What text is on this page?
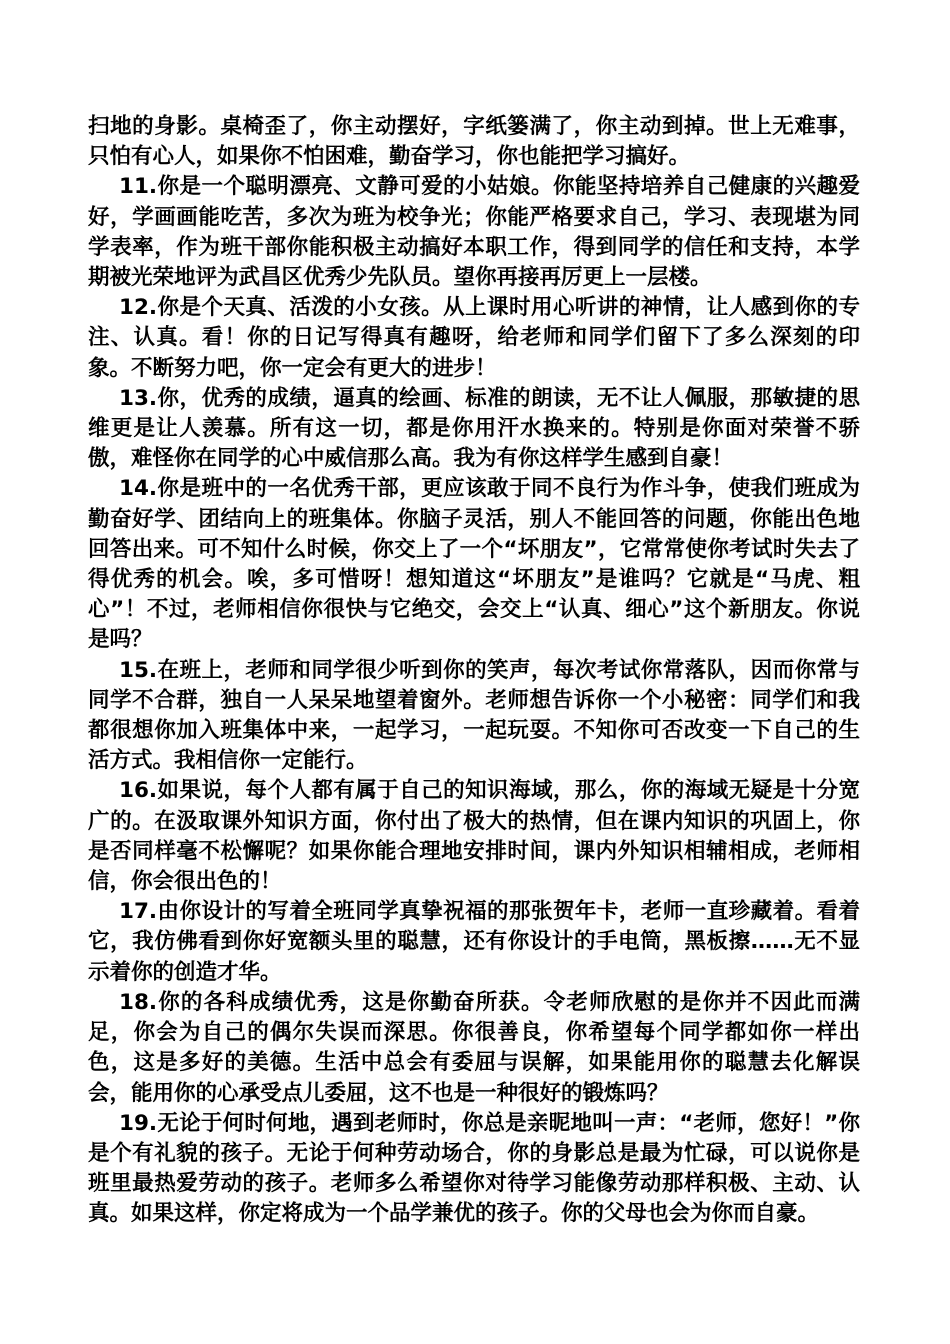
扫地的身影。桌椅歪了，你主动摆好，字纸篓满了，你主动到掉。世上无难事，只怕有心人，如果你不怕困难，勤奋学习，你也能把学习搞好。

11.你是一个聪明漂亮、文静可爱的小姑娘。你能坚持培养自己健康的兴趣爱好，学画画能吃苦，多次为班为校争光；你能严格要求自己，学习、表现堪为同学表率，作为班干部你能积极主动搞好本职工作，得到同学的信任和支持，本学期被光荣地评为武昌区优秀少先队员。望你再接再厉更上一层楼。

12.你是个天真、活泼的小女孩。从上课时用心听讲的神情，让人感到你的专注、认真。看！你的日记写得真有趣呀，给老师和同学们留下了多么深刻的印象。不断努力吧，你一定会有更大的进步！

13.你，优秀的成绩，逼真的绘画、标准的朗读，无不让人佩服，那敏捷的思维更是让人羡慕。所有这一切，都是你用汗水换来的。特别是你面对荣誉不骄傲，难怪你在同学的心中威信那么高。我为有你这样学生感到自豪！

14.你是班中的一名优秀干部，更应该敢于同不良行为作斗争，使我们班成为勤奋好学、团结向上的班集体。你脑子灵活，别人不能回答的问题，你能出色地回答出来。可不知什么时候，你交上了一个“坏朋友”，它常常使你考试时失去了得优秀的机会。唉，多可惜呀！想知道这“坏朋友”是谁吗？它就是“马虎、粗心”！不过，老师相信你很快与它绝交，会交上“认真、细心”这个新朋友。你说是吗？

15.在班上，老师和同学很少听到你的笑声，每次考试你常落队，因而你常与同学不合群，独自一人呆呆地望着窗外。老师想告诉你一个小秘密：同学们和我都很想你加入班集体中来，一起学习，一起玩耍。不知你可否改变一下自己的生活方式。我相信你一定能行。

16.如果说，每个人都有属于自己的知识海域，那么，你的海域无疑是十分宽广的。在汲取课外知识方面，你付出了极大的热情，但在课内知识的巩固上，你是否同样毫不松懈呢？如果你能合理地安排时间，课内外知识相辅相成，老师相信，你会很出色的！

17.由你设计的写着全班同学真挚祝福的那张贺年卡，老师一直珍藏着。看着它，我仿佛看到你好宽额头里的聪慧，还有你设计的手电筒，黑板擦……无不显示着你的创造才华。

18.你的各科成绩优秀，这是你勤奋所获。令老师欣慰的是你并不因此而满足，你会为自己的偶尔失误而深思。你很善良，你希望每个同学都如你一样出色，这是多好的美德。生活中总会有委屈与误解，如果能用你的聪慧去化解误会，能用你的心承受点儿委屈，这不也是一种很好的锻炼吗？

19.无论于何时何地，遇到老师时，你总是亲昵地叫一声：“老师，您好！”你是个有礼貌的孩子。无论于何种劳动场合，你的身影总是最为忙碌，可以说你是班里最热爱劳动的孩子。老师多么希望你对待学习能像劳动那样积极、主动、认真。如果这样，你定将成为一个品学兼优的孩子。你的父母也会为你而自豪。
